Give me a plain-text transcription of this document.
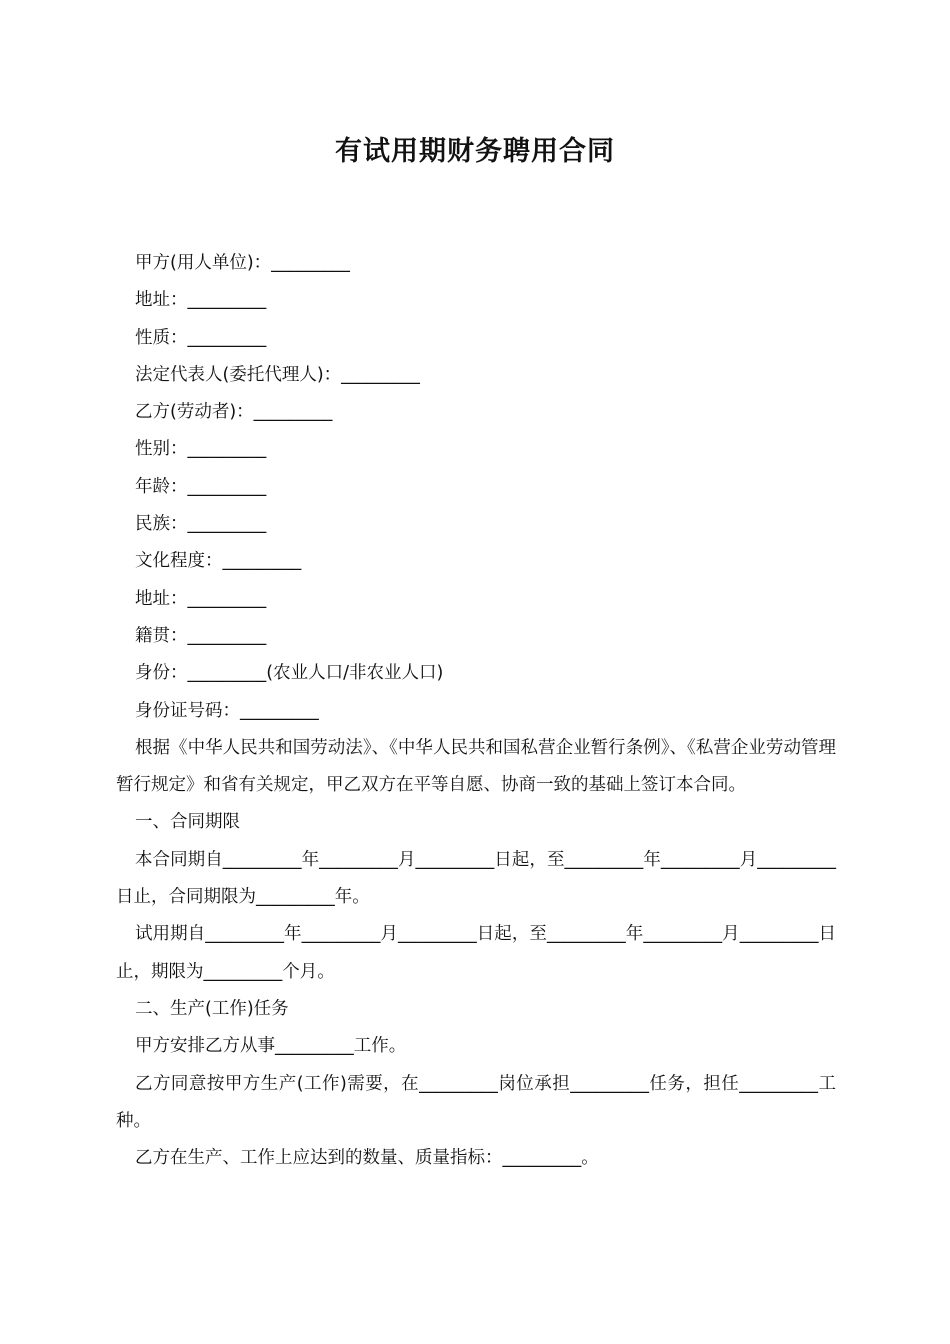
有试用期财务聘用合同

甲方(用人单位)：_________

地址：_________

性质：_________

法定代表人(委托代理人)：_________

乙方(劳动者)：_________

性别：_________

年龄：_________

民族：_________

文化程度：_________

地址：_________

籍贯：_________

身份：_________(农业人口/非农业人口)

身份证号码：_________

根据《中华人民共和国劳动法》、《中华人民共和国私营企业暂行条例》、《私营企业劳动管理暂行规定》和省有关规定，甲乙双方在平等自愿、协商一致的基础上签订本合同。

一、合同期限

本合同期自_________年_________月_________日起，至_________年_________月_________日止，合同期限为_________年。

试用期自_________年_________月_________日起，至_________年_________月_________日止，期限为_________个月。

二、生产(工作)任务

甲方安排乙方从事_________工作。

乙方同意按甲方生产(工作)需要，在_________岗位承担_________任务，担任_________工种。

乙方在生产、工作上应达到的数量、质量指标：_________。
